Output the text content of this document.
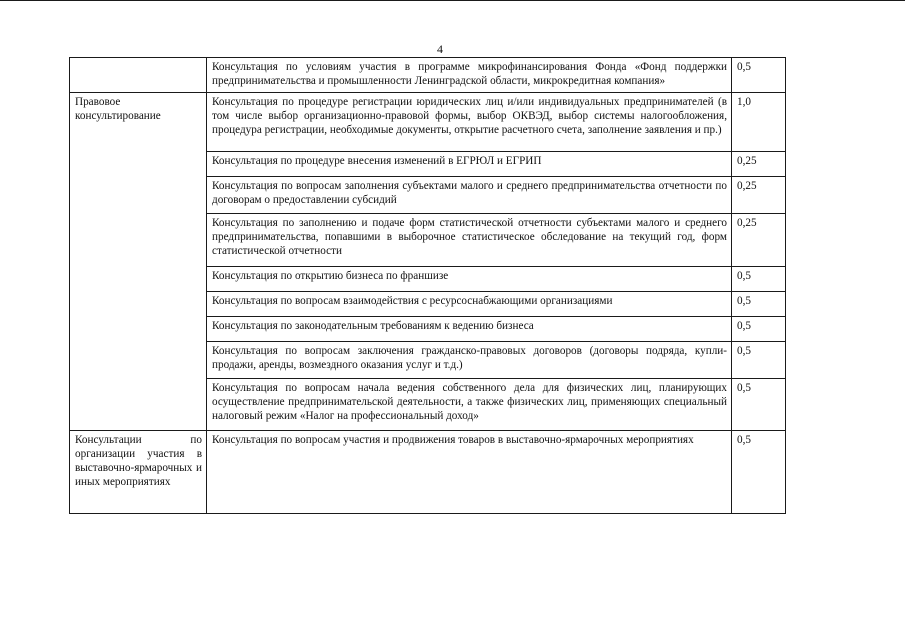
4
	Консультация по условиям участия в программе микрофинансирования Фонда «Фонд поддержки предпринимательства и промышленности Ленинградской области, микрокредитная компания»	0,5
Правовое консультирование	Консультация по процедуре регистрации юридических лиц и/или индивидуальных предпринимателей (в том числе выбор организационно-правовой формы, выбор ОКВЭД, выбор системы налогообложения, процедура регистрации, необходимые документы, открытие расчетного счета, заполнение заявления и пр.)	1,0
	Консультация по процедуре внесения изменений в ЕГРЮЛ и ЕГРИП	0,25
	Консультация по вопросам заполнения субъектами малого и среднего предпринимательства отчетности по договорам о предоставлении субсидий	0,25
	Консультация по заполнению и подаче форм статистической отчетности субъектами малого и среднего предпринимательства, попавшими в выборочное статистическое обследование на текущий год, форм статистической отчетности	0,25
	Консультация по открытию бизнеса по франшизе	0,5
	Консультация по вопросам взаимодействия с ресурсоснабжающими организациями	0,5
	Консультация по законодательным требованиям к ведению бизнеса	0,5
	Консультация по вопросам заключения гражданско-правовых договоров (договоры подряда, купли-продажи, аренды, возмездного оказания услуг и т.д.)	0,5
	Консультация по вопросам начала ведения собственного дела для физических лиц, планирующих осуществление предпринимательской деятельности, а также физических лиц, применяющих специальный налоговый режим «Налог на профессиональный доход»	0,5
Консультации по организации участия в выставочно-ярмарочных и иных мероприятиях	Консультация по вопросам участия и продвижения товаров в выставочно-ярмарочных мероприятиях	0,5
